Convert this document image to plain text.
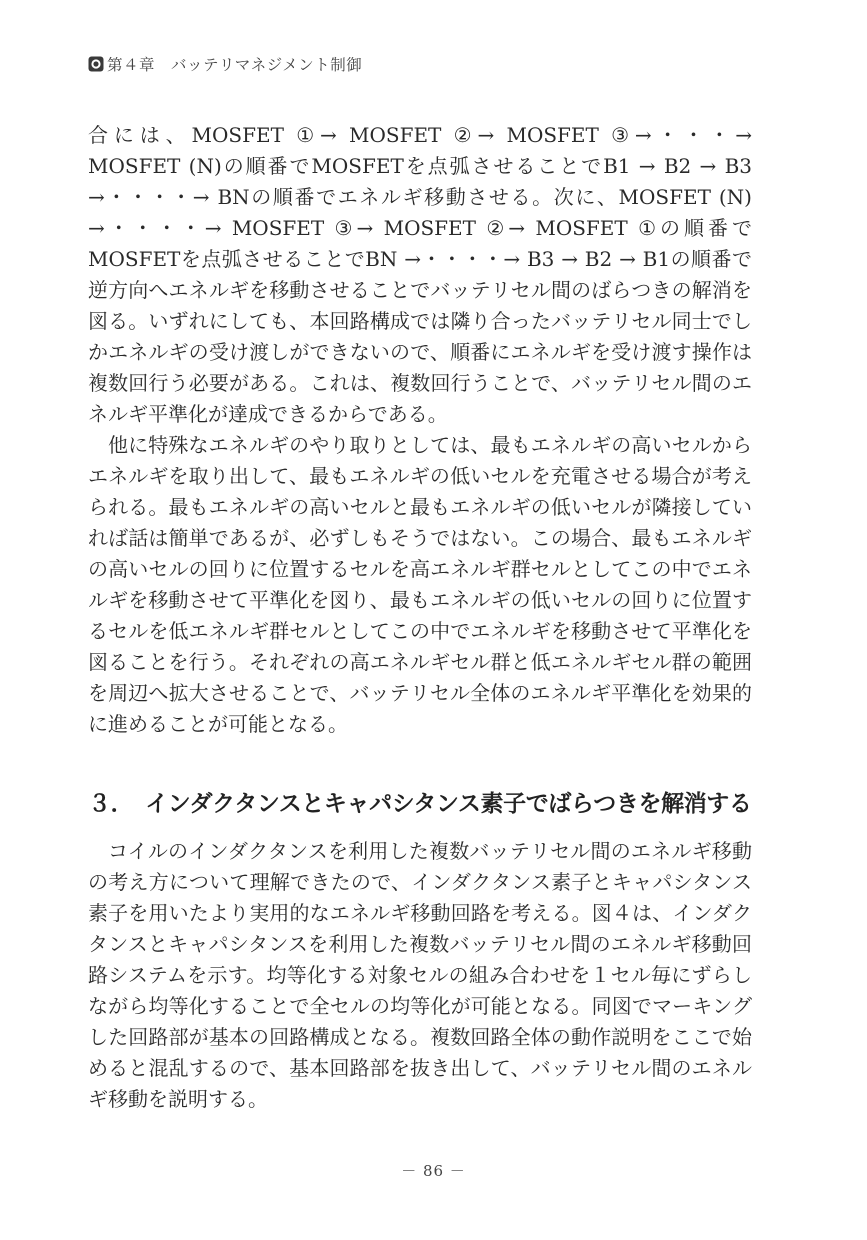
第４章 バッテリマネジメント制御

合には、MOSFET ①→ MOSFET ②→ MOSFET ③→・・・→ MOSFET (N)の順番でMOSFETを点弧させることでB1 → B2 → B3 →・・・・→ BNの順番でエネルギ移動させる。次に、MOSFET (N) →・・・・→ MOSFET ③→ MOSFET ②→ MOSFET ①の順番でMOSFETを点弧させることでBN →・・・・→ B3 → B2 → B1の順番で逆方向へエネルギを移動させることでバッテリセル間のばらつきの解消を図る。いずれにしても、本回路構成では隣り合ったバッテリセル同士でしかエネルギの受け渡しができないので、順番にエネルギを受け渡す操作は複数回行う必要がある。これは、複数回行うことで、バッテリセル間のエネルギ平準化が達成できるからである。

他に特殊なエネルギのやり取りとしては、最もエネルギの高いセルからエネルギを取り出して、最もエネルギの低いセルを充電させる場合が考えられる。最もエネルギの高いセルと最もエネルギの低いセルが隣接していれば話は簡単であるが、必ずしもそうではない。この場合、最もエネルギの高いセルの回りに位置するセルを高エネルギ群セルとしてこの中でエネルギを移動させて平準化を図り、最もエネルギの低いセルの回りに位置するセルを低エネルギ群セルとしてこの中でエネルギを移動させて平準化を図ることを行う。それぞれの高エネルギセル群と低エネルギセル群の範囲を周辺へ拡大させることで、バッテリセル全体のエネルギ平準化を効果的に進めることが可能となる。

３． インダクタンスとキャパシタンス素子でばらつきを解消する

コイルのインダクタンスを利用した複数バッテリセル間のエネルギ移動の考え方について理解できたので、インダクタンス素子とキャパシタンス素子を用いたより実用的なエネルギ移動回路を考える。図４は、インダクタンスとキャパシタンスを利用した複数バッテリセル間のエネルギ移動回路システムを示す。均等化する対象セルの組み合わせを１セル毎にずらしながら均等化することで全セルの均等化が可能となる。同図でマーキングした回路部が基本の回路構成となる。複数回路全体の動作説明をここで始めると混乱するので、基本回路部を抜き出して、バッテリセル間のエネルギ移動を説明する。

－ 86 －
